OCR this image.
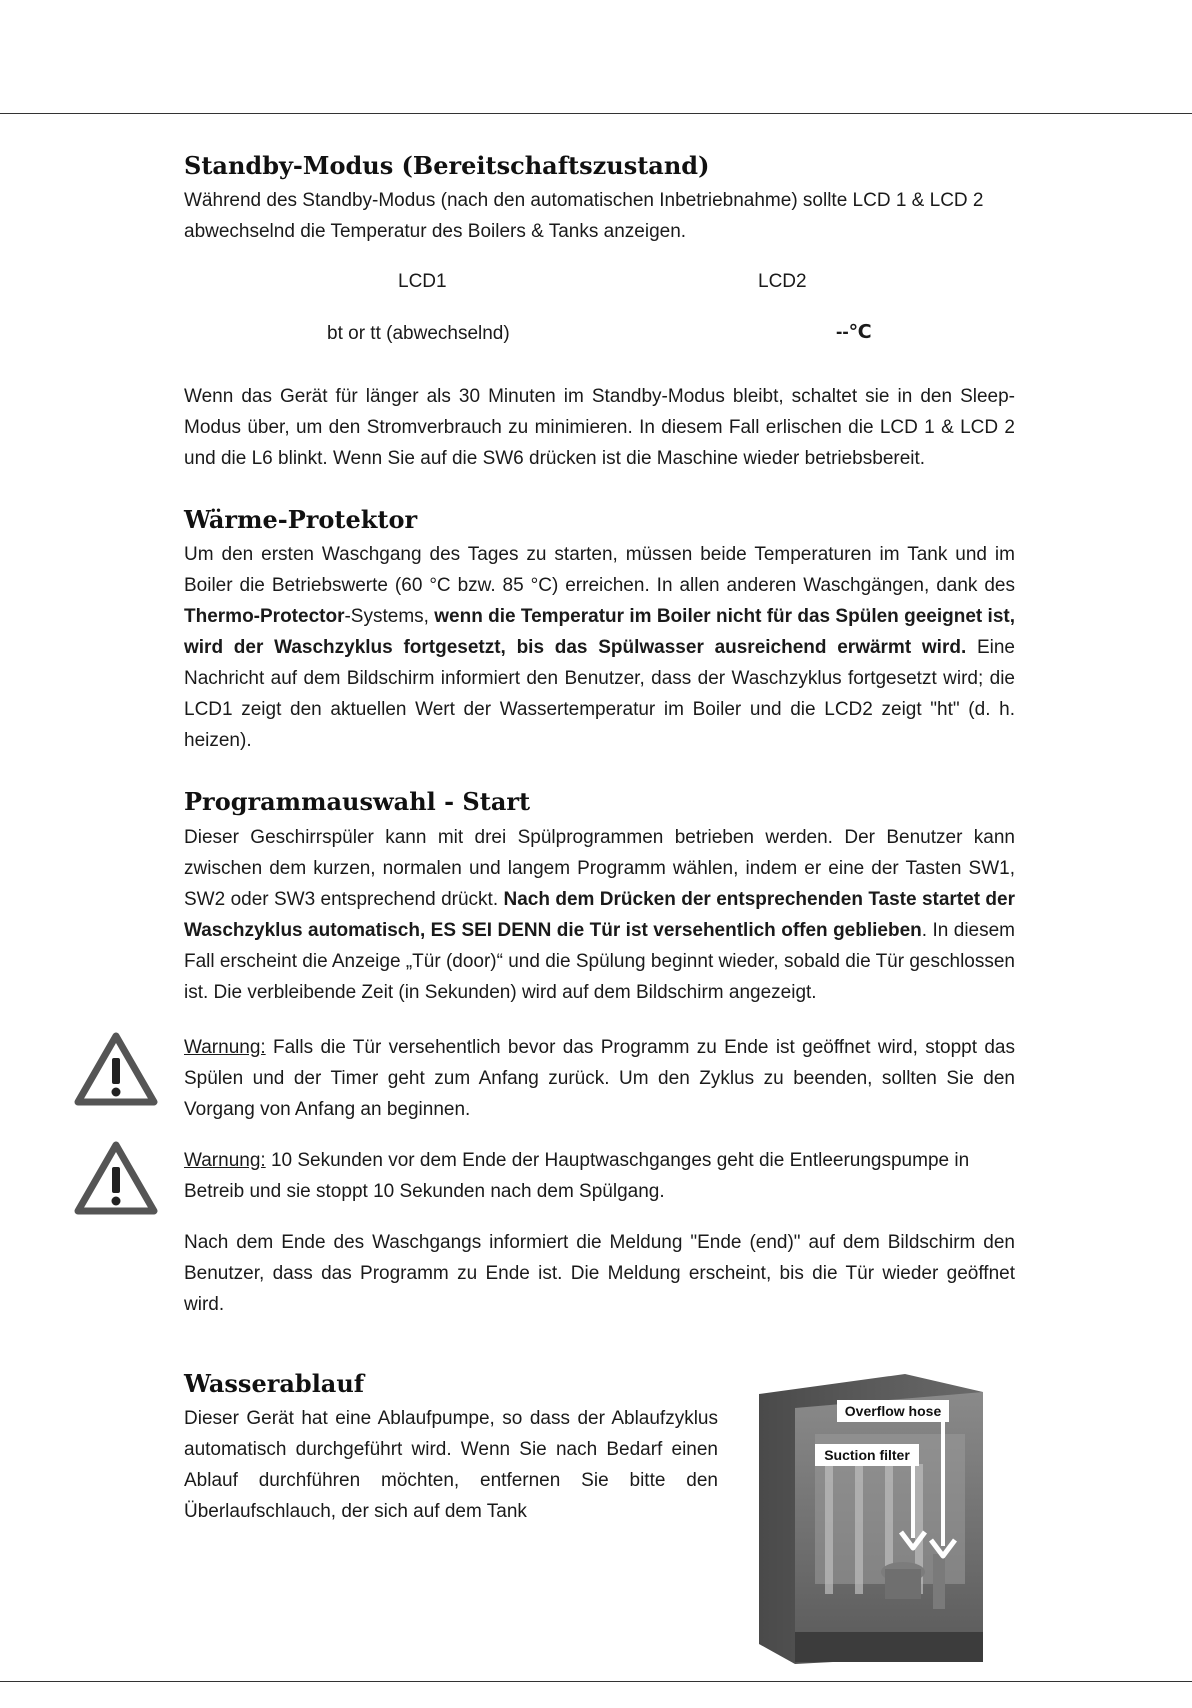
Standby-Modus (Bereitschaftszustand)

Während des Standby-Modus (nach den automatischen Inbetriebnahme) sollte LCD 1 & LCD 2 abwechselnd die Temperatur des Boilers & Tanks anzeigen.

LCD1	LCD2
bt or tt (abwechselnd)	--℃

Wenn das Gerät für länger als 30 Minuten im Standby-Modus bleibt, schaltet sie in den Sleep-Modus über, um den Stromverbrauch zu minimieren. In diesem Fall erlischen die LCD 1 & LCD 2 und die L6 blinkt. Wenn Sie auf die SW6 drücken ist die Maschine wieder betriebsbereit.

Wärme-Protektor

Um den ersten Waschgang des Tages zu starten, müssen beide Temperaturen im Tank und im Boiler die Betriebswerte (60 °C bzw. 85 °C) erreichen. In allen anderen Waschgängen, dank des Thermo-Protector-Systems, wenn die Temperatur im Boiler nicht für das Spülen geeignet ist, wird der Waschzyklus fortgesetzt, bis das Spülwasser ausreichend erwärmt wird. Eine Nachricht auf dem Bildschirm informiert den Benutzer, dass der Waschzyklus fortgesetzt wird; die LCD1 zeigt den aktuellen Wert der Wassertemperatur im Boiler und die LCD2 zeigt "ht" (d. h. heizen).

Programmauswahl - Start

Dieser Geschirrspüler kann mit drei Spülprogrammen betrieben werden. Der Benutzer kann zwischen dem kurzen, normalen und langem Programm wählen, indem er eine der Tasten SW1, SW2 oder SW3 entsprechend drückt. Nach dem Drücken der entsprechenden Taste startet der Waschzyklus automatisch, ES SEI DENN die Tür ist versehentlich offen geblieben. In diesem Fall erscheint die Anzeige „Tür (door)“ und die Spülung beginnt wieder, sobald die Tür geschlossen ist. Die verbleibende Zeit (in Sekunden) wird auf dem Bildschirm angezeigt.

Warnung: Falls die Tür versehentlich bevor das Programm zu Ende ist geöffnet wird, stoppt das Spülen und der Timer geht zum Anfang zurück. Um den Zyklus zu beenden, sollten Sie den Vorgang von Anfang an beginnen.

Warnung: 10 Sekunden vor dem Ende der Hauptwaschganges geht die Entleerungspumpe in Betreib und sie stoppt 10 Sekunden nach dem Spülgang.

Nach dem Ende des Waschgangs informiert die Meldung "Ende (end)" auf dem Bildschirm den Benutzer, dass das Programm zu Ende ist. Die Meldung erscheint, bis die Tür wieder geöffnet wird.

Wasserablauf

Dieser Gerät hat eine Ablaufpumpe, so dass der Ablaufzyklus automatisch durchgeführt wird. Wenn Sie nach Bedarf einen Ablauf durchführen möchten, entfernen Sie bitte den Überlaufschlauch, der sich auf dem Tank

Overflow hose
Suction filter
